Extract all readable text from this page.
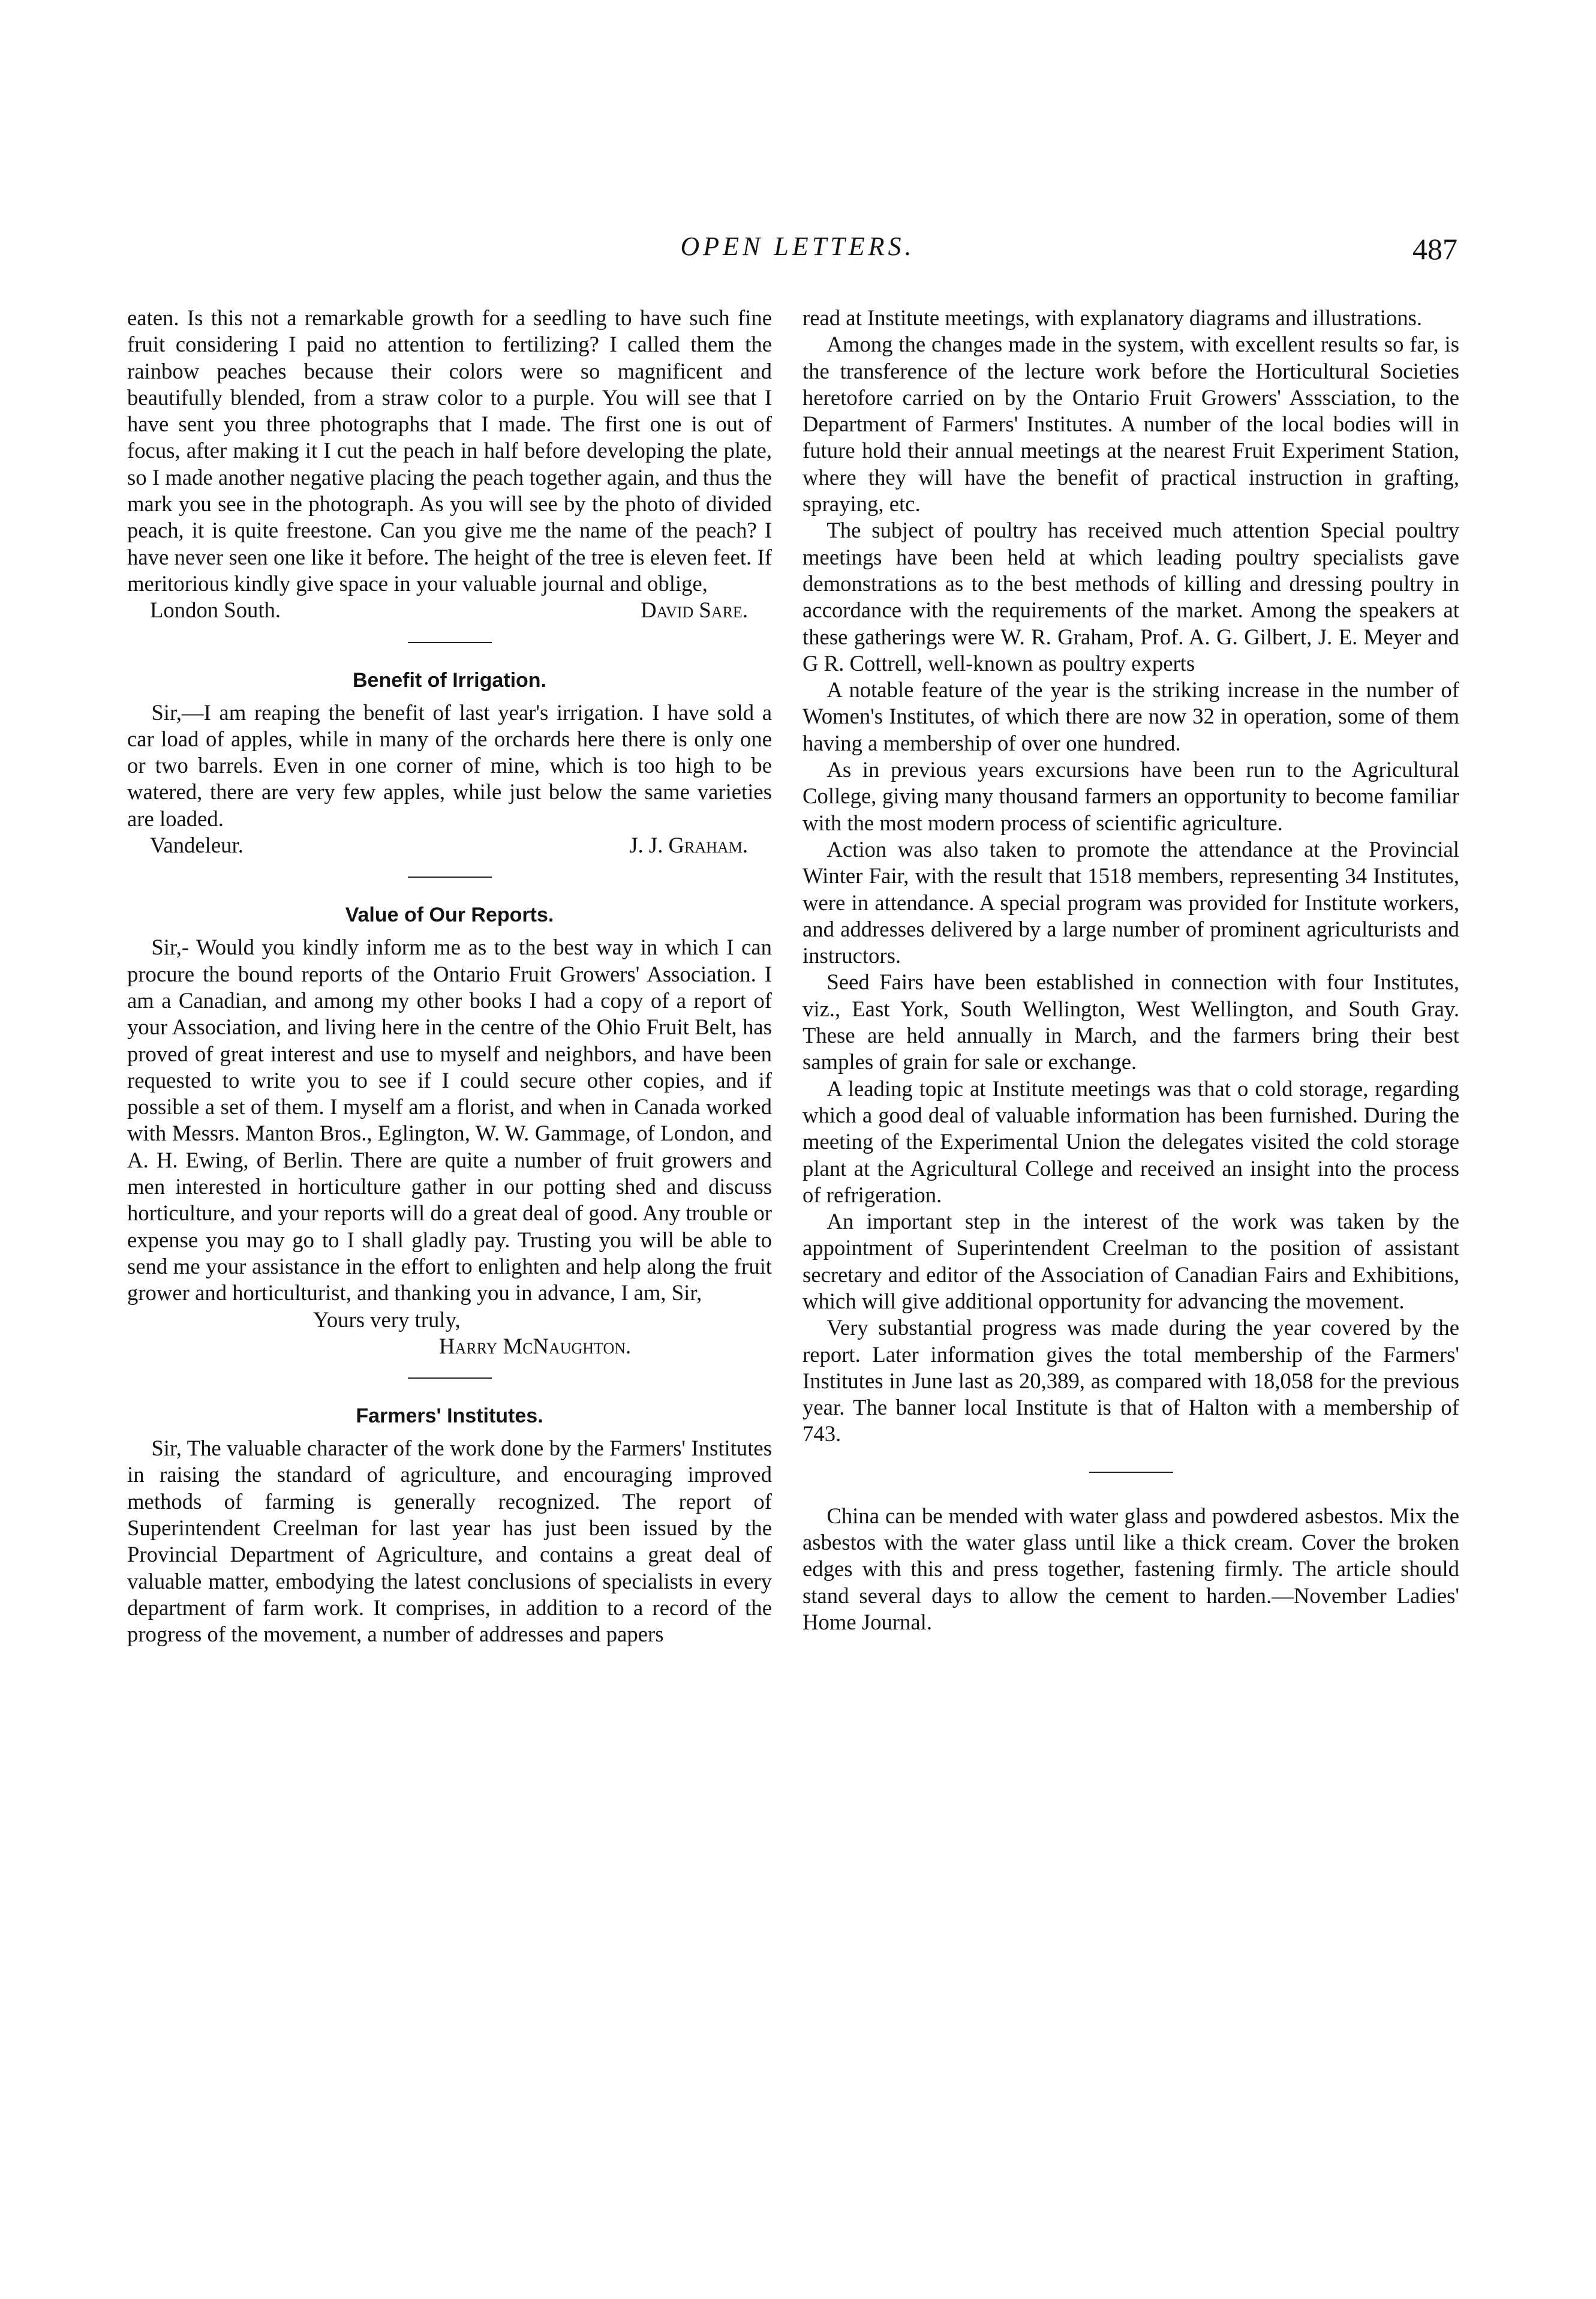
OPEN LETTERS.	487

eaten. Is this not a remarkable growth for a seedling to have such fine fruit considering I paid no attention to fertilizing? I called them the rainbow peaches because their colors were so magnificent and beautifully blended, from a straw color to a purple. You will see that I have sent you three photographs that I made. The first one is out of focus, after making it I cut the peach in half before developing the plate, so I made another negative placing the peach together again, and thus the mark you see in the photograph. As you will see by the photo of divided peach, it is quite freestone. Can you give me the name of the peach? I have never seen one like it before. The height of the tree is eleven feet. If meritorious kindly give space in your valuable journal and oblige,

London South.	David Sare.
Benefit of Irrigation.

Sir,—I am reaping the benefit of last year's irrigation. I have sold a car load of apples, while in many of the orchards here there is only one or two barrels. Even in one corner of mine, which is too high to be watered, there are very few apples, while just below the same varieties are loaded.

Vandeleur.	J. J. Graham.
Value of Our Reports.

Sir,- Would you kindly inform me as to the best way in which I can procure the bound reports of the Ontario Fruit Growers' Association. I am a Canadian, and among my other books I had a copy of a report of your Association, and living here in the centre of the Ohio Fruit Belt, has proved of great interest and use to myself and neighbors, and have been requested to write you to see if I could secure other copies, and if possible a set of them. I myself am a florist, and when in Canada worked with Messrs. Manton Bros., Eglington, W. W. Gammage, of London, and A. H. Ewing, of Berlin. There are quite a number of fruit growers and men interested in horticulture gather in our potting shed and discuss horticulture, and your reports will do a great deal of good. Any trouble or expense you may go to I shall gladly pay. Trusting you will be able to send me your assistance in the effort to enlighten and help along the fruit grower and horticulturist, and thanking you in advance, I am, Sir,

Yours very truly,
Harry McNaughton.
Farmers' Institutes.

Sir, The valuable character of the work done by the Farmers' Institutes in raising the standard of agriculture, and encouraging improved methods of farming is generally recognized. The report of Superintendent Creelman for last year has just been issued by the Provincial Department of Agriculture, and contains a great deal of valuable matter, embodying the latest conclusions of specialists in every department of farm work. It comprises, in addition to a record of the progress of the movement, a number of addresses and papers

read at Institute meetings, with explanatory diagrams and illustrations.

Among the changes made in the system, with excellent results so far, is the transference of the lecture work before the Horticultural Societies heretofore carried on by the Ontario Fruit Growers' Asssciation, to the Department of Farmers' Institutes. A number of the local bodies will in future hold their annual meetings at the nearest Fruit Experiment Station, where they will have the benefit of practical instruction in grafting, spraying, etc.

The subject of poultry has received much attention Special poultry meetings have been held at which leading poultry specialists gave demonstrations as to the best methods of killing and dressing poultry in accordance with the requirements of the market. Among the speakers at these gatherings were W. R. Graham, Prof. A. G. Gilbert, J. E. Meyer and G R. Cottrell, well-known as poultry experts

A notable feature of the year is the striking increase in the number of Women's Institutes, of which there are now 32 in operation, some of them having a membership of over one hundred.

As in previous years excursions have been run to the Agricultural College, giving many thousand farmers an opportunity to become familiar with the most modern process of scientific agriculture.

Action was also taken to promote the attendance at the Provincial Winter Fair, with the result that 1518 members, representing 34 Institutes, were in attendance. A special program was provided for Institute workers, and addresses delivered by a large number of prominent agriculturists and instructors.

Seed Fairs have been established in connection with four Institutes, viz., East York, South Wellington, West Wellington, and South Gray. These are held annually in March, and the farmers bring their best samples of grain for sale or exchange.

A leading topic at Institute meetings was that o cold storage, regarding which a good deal of valuable information has been furnished. During the meeting of the Experimental Union the delegates visited the cold storage plant at the Agricultural College and received an insight into the process of refrigeration.

An important step in the interest of the work was taken by the appointment of Superintendent Creelman to the position of assistant secretary and editor of the Association of Canadian Fairs and Exhibitions, which will give additional opportunity for advancing the movement.

Very substantial progress was made during the year covered by the report. Later information gives the total membership of the Farmers' Institutes in June last as 20,389, as compared with 18,058 for the previous year. The banner local Institute is that of Halton with a membership of 743.

China can be mended with water glass and powdered asbestos. Mix the asbestos with the water glass until like a thick cream. Cover the broken edges with this and press together, fastening firmly. The article should stand several days to allow the cement to harden.—November Ladies' Home Journal.
